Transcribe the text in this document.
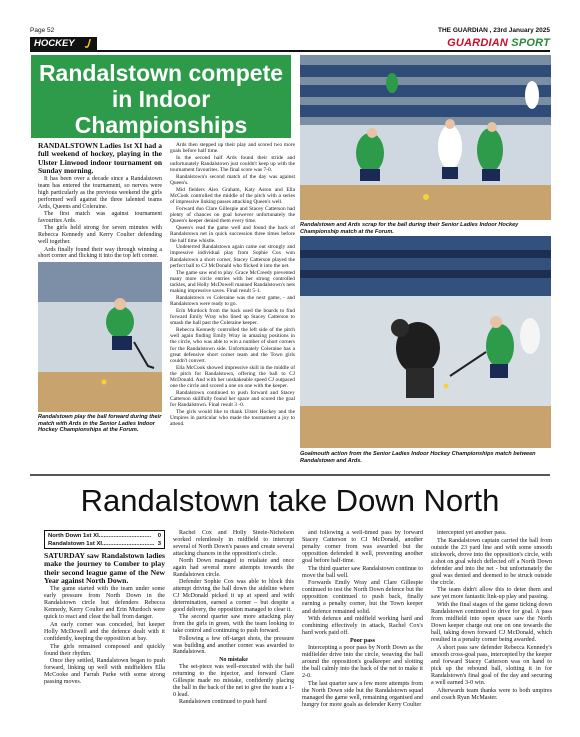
Page 52	THE GUARDIAN , 23rd January 2025
HOCKEY	GUARDIAN SPORT
Randalstown compete in Indoor Championships

RANDALSTOWN Ladies 1st XI had a full weekend of hockey, playing in the Ulster Linwood indoor tournament on Sunday morning.

It has been over a decade since a Randalstown team has entered the tournament, so nerves were high particularly as the previous weekend the girls performed well against the three talented teams Ards, Queens and Coleraine.

The first match was against tournament favourites Ards.

The girls held strong for seven minutes with Rebecca Kennedy and Kerry Coulter defending well together.

Ards finally found their way through winning a short corner and flicking it into the top left corner.

Ards then stepped up their play and scored two more goals before half time.

In the second half Ards found their stride and unfortunately Randalstown just couldn't keep up with the tournament favourites. The final score was 7-0.

Randalstown's second match of the day was against Queen's.

Mid fielders Alex Graham, Katy Aston and Ella McCook controlled the middle of the pitch with a series of impressive linking passes attacking Queen's well.

Forward duo Clare Gillespie and Stacey Catterson had plenty of chances on goal however unfortunately the Queen's keeper denied them every time.

Queen's read the game well and found the back of Randalstown net in quick succession three times before the half time whistle.

Undeterred Randalstown again came out strongly and impressive individual play from Sophie Cox won Randalstown a short corner, Stacey Catterson played the perfect ball to CJ McDonald who flicked it into the net.

The game saw end to play. Grace McCreedy prevented many more circle entries with her strong controlled tackles, and Holly McDowell manned Randalstown's nets making impressive saves. Final result 5-1.

Randalstown vs Coleraine was the next game, - and Randalstown were ready to go.

Erin Murdock from the back used the boards to find forward Emily Wray who lined up Stacey Catterson to smash the ball past the Coleraine keeper.

Rebecca Kennedy controlled the left side of the pitch well again finding Emily Wray in amazing positions in the circle, who was able to win a number of short corners for the Randalstown side. Unfortunately Coleraine has a great defensive short corner team and the Town girls couldn't convert.

Ella McCook showed impressive skill in the middle of the pitch for Randalstown, offering the ball to CJ McDonald. And with her unshakeable speed CJ outpaced one the circle and scored a one on one with the keeper.

Randalstown continued to push forward and Stacey Catterson skillfully found her space and scored the goal for Randalstown. Final result 3 -0.

The girls would like to thank Ulster Hockey and the Umpires in particular who made the tournament a joy to attend.

Randalstown and Ards scrap for the ball during their Senior Ladies Indoor Hockey Championship match at the Forum.
Randalstown play the ball forward during their match with Ards in the Senior Ladies Indoor Hockey Championships at the Forum.
Goalmouth action from the Senior Ladies Indoor Hockey Championships match between Randalstown and Ards.
Randalstown take Down North
North Down 1st XI ................................	0
Randalstown 1st XI ................................ 3

SATURDAY saw Randalstown ladies make the journey to Comber to play their second league game of the New Year against North Down.

The game started with the team under some early pressure from North Down in the Randalstown circle but defenders Rebecca Kennedy, Kerry Coulter and Erin Murdoch were quick to react and clear the ball from danger.

An early corner was conceded, but keeper Holly McDowell and the defence dealt with it confidently, keeping the opposition at bay.

The girls remained composed and quickly found their rhythm.

Once they settled, Randalstown began to push forward, linking up well with midfielders Ella McCooke and Farrah Parke with some strong passing moves.

Rachel Cox and Holly Steele-Nicholson worked relentlessly in midfield to intercept several of North Down's passes and create several attacking chances in the opposition's circle.

North Down managed to retaliate and once again had several more attempts towards the Randalstown circle.

Defender Sophie Cox was able to block this attempt driving the ball down the sideline where CJ McDonald picked it up at speed and with determination, earned a corner – but despite a good delivery, the opposition managed to clear it.

The second quarter saw more attacking play from the girls in green, with the team looking to take control and continuing to push forward.

Following a few off-target shots, the pressure was building and another corner was awarded to Randalstown.

No mistake

The set-piece was well-executed with the ball returning to the injector, and forward Clare Gillespie made no mistake, confidently placing the ball in the back of the net to give the team a 1-0 lead.

Randalstown continued to push hard

and following a well-timed pass by forward Stacey Catterson to CJ McDonald, another penalty corner from was awarded but the opposition defended it well, preventing another goal before half-time.

The third quarter saw Randalstown continue to move the ball well.

Forwards Emily Wray and Clare Gillespie continued to test the North Down defence but the opposition continued to push back, finally earning a penalty corner, but the Town keeper and defence remained solid.

With defence and midfield working hard and combining effectively in attack, Rachel Cox's hard work paid off.

Poor pass

Intercepting a poor pass by North Down as the midfielder drive into the circle, weaving the ball around the opposition's goalkeeper and slotting the ball calmly into the back of the net to make it 2-0.

The last quarter saw a few more attempts from the North Down side but the Randalstown squad managed the game well, remaining organised and hungry for more goals as defender Kerry Coulter

intercepted yet another pass.

The Randalstown captain carried the ball from outside the 23 yard line and with some smooth stickwork, drove into the opposition's circle, with a shot on goal which deflected off a North Down defender and into the net - but unfortunately the goal was denied and deemed to be struck outside the circle.

The team didn't allow this to deter them and saw yet more fantastic link-up play and passing.

With the final stages of the game ticking down Randalstown continued to drive for goal. A pass from midfield into open space saw the North Down keeper charge out one on one towards the ball, taking down forward CJ McDonald, which resulted in a penalty corner being awarded.

A short pass saw defender Rebecca Kennedy's smooth cross-goal pass, intercepted by the keeper and forward Stacey Catterson was on hand to pick up the rebound ball, slotting it in for Randalstown's final goal of the day and securing a well earned 3-0 win.

Afterwards team thanks were to both umpires and coach Ryan McMaster.
